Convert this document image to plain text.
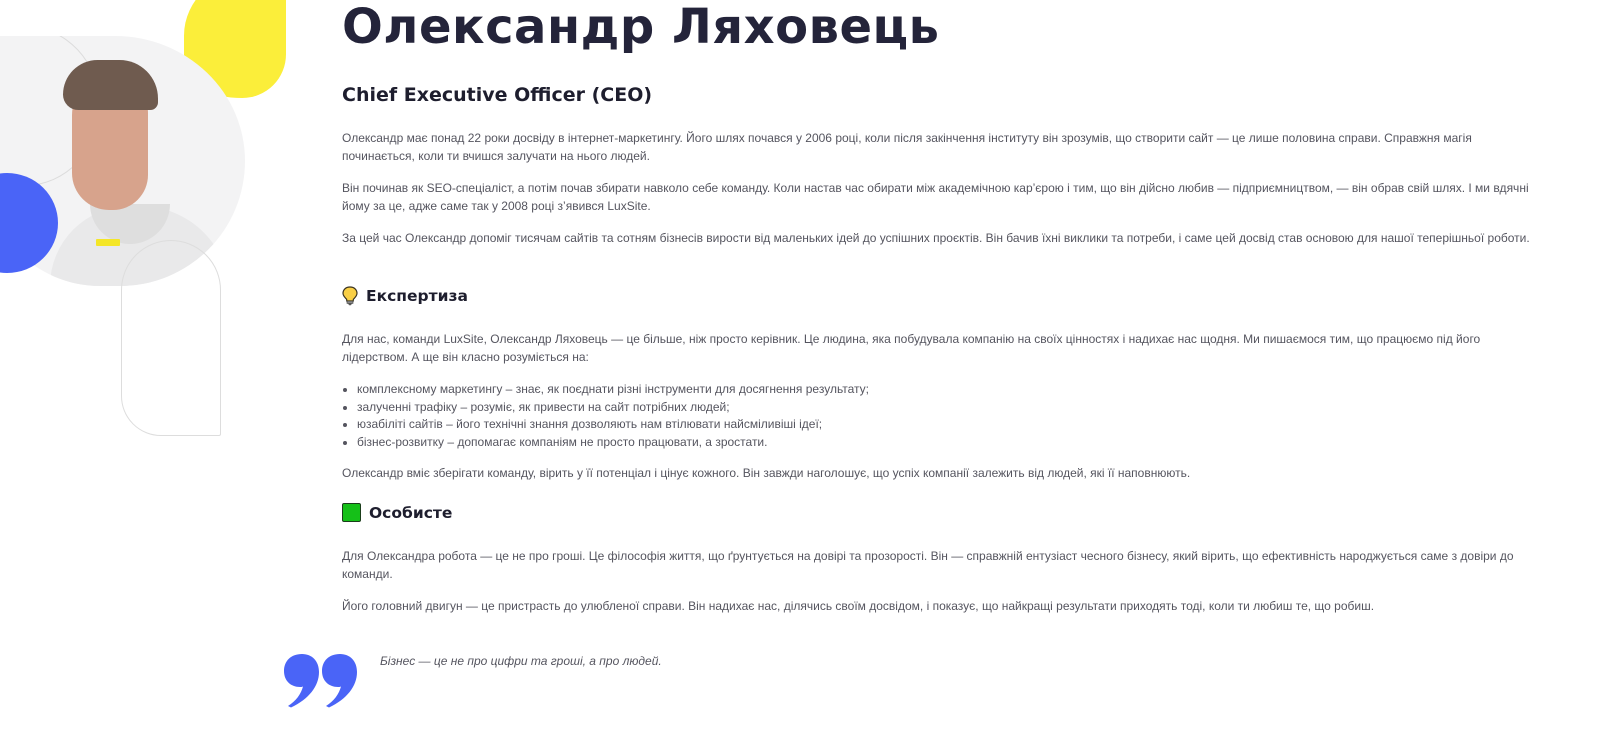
Олександр Ляховець
Chief Executive Officer (CEO)

Олександр має понад 22 роки досвіду в інтернет-маркетингу. Його шлях почався у 2006 році, коли після закінчення інституту він зрозумів, що створити сайт — це лише половина справи. Справжня магія починається, коли ти вчишся залучати на нього людей.

Він починав як SEO-спеціаліст, а потім почав збирати навколо себе команду. Коли настав час обирати між академічною кар’єрою і тим, що він дійсно любив — підприємництвом, — він обрав свій шлях. І ми вдячні йому за це, адже саме так у 2008 році з’явився LuxSite.

За цей час Олександр допоміг тисячам сайтів та сотням бізнесів вирости від маленьких ідей до успішних проєктів. Він бачив їхні виклики та потреби, і саме цей досвід став основою для нашої теперішньої роботи.

Експертиза

Для нас, команди LuxSite, Олександр Ляховець — це більше, ніж просто керівник. Це людина, яка побудувала компанію на своїх цінностях і надихає нас щодня. Ми пишаємося тим, що працюємо під його лідерством. А ще він класно розуміється на:

комплексному маркетингу – знає, як поєднати різні інструменти для досягнення результату;
залученні трафіку – розуміє, як привести на сайт потрібних людей;
юзабіліті сайтів – його технічні знання дозволяють нам втілювати найсміливіші ідеї;
бізнес-розвитку – допомагає компаніям не просто працювати, а зростати.

Олександр вміє зберігати команду, вірить у її потенціал і цінує кожного. Він завжди наголошує, що успіх компанії залежить від людей, які її наповнюють.

Особисте

Для Олександра робота — це не про гроші. Це філософія життя, що ґрунтується на довірі та прозорості. Він — справжній ентузіаст чесного бізнесу, який вірить, що ефективність народжується саме з довіри до команди.

Його головний двигун — це пристрасть до улюбленої справи. Він надихає нас, ділячись своїм досвідом, і показує, що найкращі результати приходять тоді, коли ти любиш те, що робиш.

Бізнес — це не про цифри та гроші, а про людей.
